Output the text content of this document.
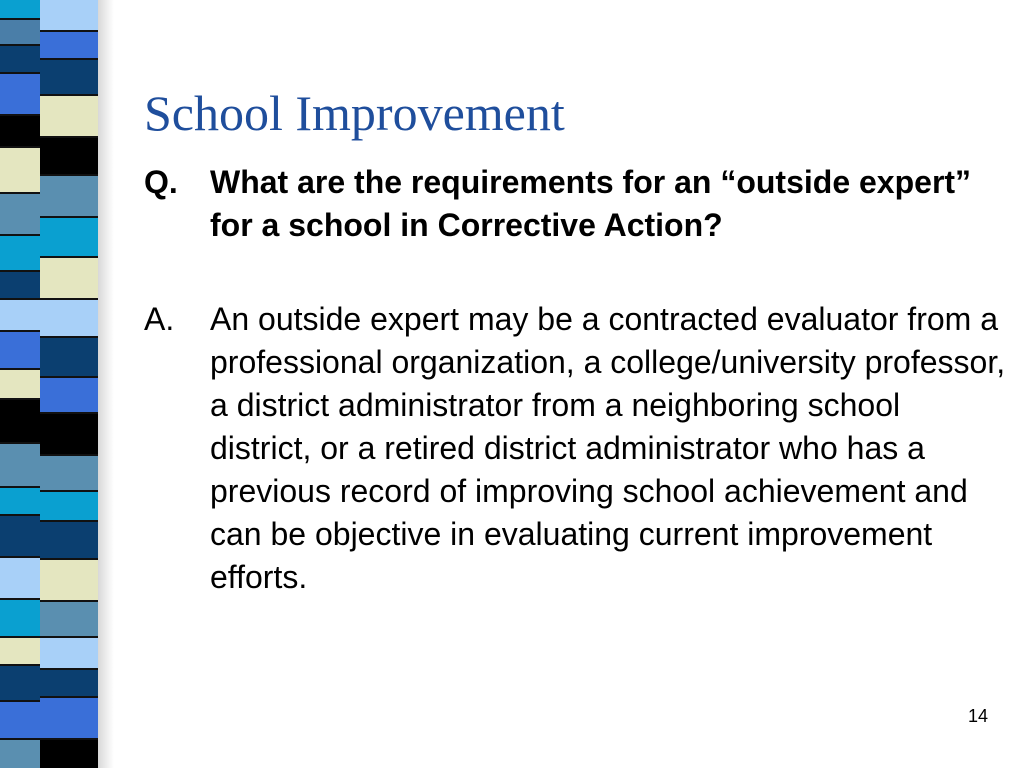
School Improvement
Q. What are the requirements for an “outside expert” for a school in Corrective Action?
A. An outside expert may be a contracted evaluator from a professional organization, a college/university professor, a district administrator from a neighboring school district, or a retired district administrator who has a previous record of improving school achievement and can be objective in evaluating current improvement efforts.
14
